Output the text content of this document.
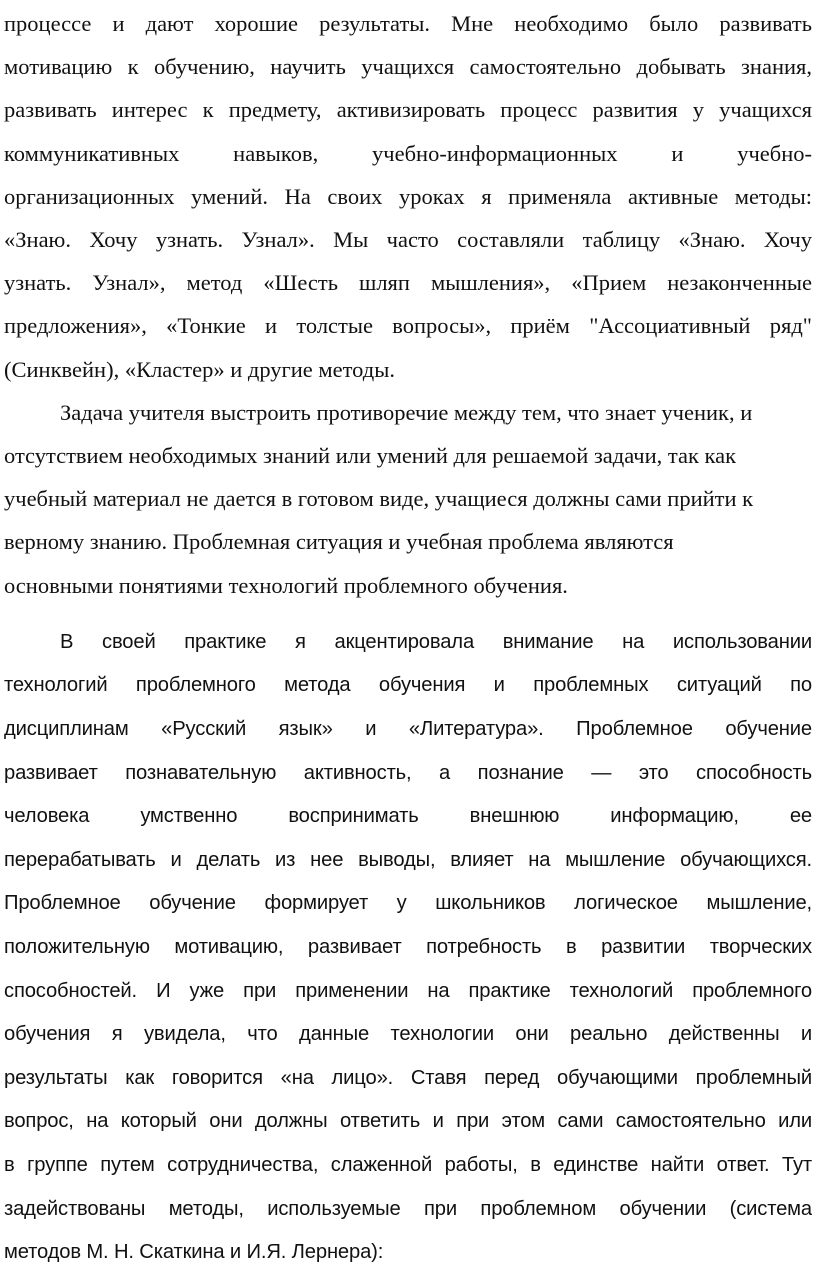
процессе и дают хорошие результаты. Мне необходимо было развивать
мотивацию к обучению, научить учащихся самостоятельно добывать знания,
развивать интерес к предмету, активизировать процесс развития у учащихся
коммуникативных навыков, учебно-информационных и учебно-
организационных умений. На своих уроках я применяла активные методы:
«Знаю. Хочу узнать. Узнал». Мы часто составляли таблицу «Знаю. Хочу
узнать. Узнал», метод «Шесть шляп мышления», «Прием незаконченные
предложения», «Тонкие и толстые вопросы», приём "Ассоциативный ряд"
(Синквейн), «Кластер» и другие методы.
Задача учителя выстроить противоречие между тем, что знает ученик, и
отсутствием необходимых знаний или умений для решаемой задачи, так как
учебный материал не дается в готовом виде, учащиеся должны сами прийти к
верному знанию. Проблемная ситуация и учебная проблема являются
основными понятиями технологий проблемного обучения.
В своей практике я акцентировала внимание на использовании
технологий проблемного метода обучения и проблемных ситуаций по
дисциплинам «Русский язык» и «Литература». Проблемное обучение
развивает познавательную активность, а познание — это способность
человека умственно воспринимать внешнюю информацию, ее
перерабатывать и делать из нее выводы, влияет на мышление обучающихся.
Проблемное обучение формирует у школьников логическое мышление,
положительную мотивацию, развивает потребность в развитии творческих
способностей. И уже при применении на практике технологий проблемного
обучения я увидела, что данные технологии они реально действенны и
результаты как говорится «на лицо». Ставя перед обучающими проблемный
вопрос, на который они должны ответить и при этом сами самостоятельно или
в группе путем сотрудничества, слаженной работы, в единстве найти ответ. Тут
задействованы методы, используемые при проблемном обучении (система
методов М. Н. Скаткина и И.Я. Лернера):
